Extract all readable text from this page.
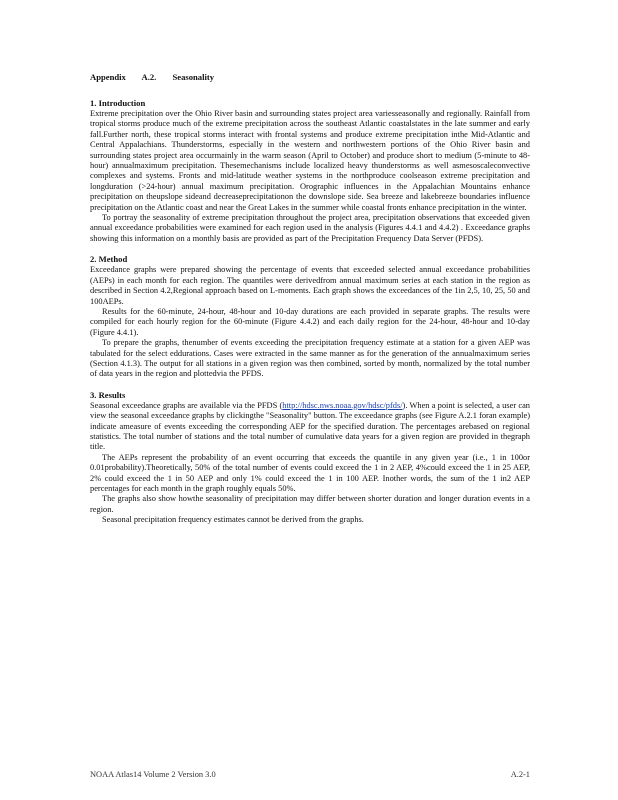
Appendix A.2. Seasonality
1. Introduction

Extreme precipitation over the Ohio River basin and surrounding states project area variesseasonally and regionally. Rainfall from tropical storms produce much of the extreme precipitation across the southeast Atlantic coastalstates in the late summer and early fall.Further north, these tropical storms interact with frontal systems and produce extreme precipitation inthe Mid-Atlantic and Central Appalachians. Thunderstorms, especially in the western and northwestern portions of the Ohio River basin and surrounding states project area occurmainly in the warm season (April to October) and produce short to medium (5-minute to 48-hour) annualmaximum precipitation. Thesemechanisms include localized heavy thunderstorms as well asmesoscaleconvective complexes and systems. Fronts and mid-latitude weather systems in the northproduce coolseason extreme precipitation and longduration (>24-hour) annual maximum precipitation. Orographic influences in the Appalachian Mountains enhance precipitation on theupslope sideand decreaseprecipitationon the downslope side. Sea breeze and lakebreeze boundaries influence precipitation on the Atlantic coast and near the Great Lakes in the summer while coastal fronts enhance precipitation in the winter.

To portray the seasonality of extreme precipitation throughout the project area, precipitation observations that exceeded given annual exceedance probabilities were examined for each region used in the analysis (Figures 4.4.1 and 4.4.2) . Exceedance graphs showing this information on a monthly basis are provided as part of the Precipitation Frequency Data Server (PFDS).

2. Method

Exceedance graphs were prepared showing the percentage of events that exceeded selected annual exceedance probabilities (AEPs) in each month for each region. The quantiles were derivedfrom annual maximum series at each station in the region as described in Section 4.2,Regional approach based on L-moments. Each graph shows the exceedances of the 1in 2,5, 10, 25, 50 and 100AEPs.

Results for the 60-minute, 24-hour, 48-hour and 10-day durations are each provided in separate graphs. The results were compiled for each hourly region for the 60-minute (Figure 4.4.2) and each daily region for the 24-hour, 48-hour and 10-day (Figure 4.4.1).

To prepare the graphs, thenumber of events exceeding the precipitation frequency estimate at a station for a given AEP was tabulated for the select eddurations. Cases were extracted in the same manner as for the generation of the annualmaximum series (Section 4.1.3). The output for all stations in a given region was then combined, sorted by month, normalized by the total number of data years in the region and plottedvia the PFDS.

3. Results

Seasonal exceedance graphs are available via the PFDS (http://hdsc.nws.noaa.gov/hdsc/pfds/). When a point is selected, a user can view the seasonal exceedance graphs by clickingthe "Seasonality" button. The exceedance graphs (see Figure A.2.1 foran example) indicate ameasure of events exceeding the corresponding AEP for the specified duration. The percentages arebased on regional statistics. The total number of stations and the total number of cumulative data years for a given region are provided in thegraph title.

The AEPs represent the probability of an event occurring that exceeds the quantile in any given year (i.e., 1 in 100or 0.01probability).Theoretically, 50% of the total number of events could exceed the 1 in 2 AEP, 4%could exceed the 1 in 25 AEP, 2% could exceed the 1 in 50 AEP and only 1% could exceed the 1 in 100 AEP. Inother words, the sum of the 1 in2 AEP percentages for each month in the graph roughly equals 50%.

The graphs also show howthe seasonality of precipitation may differ between shorter duration and longer duration events in a region.

Seasonal precipitation frequency estimates cannot be derived from the graphs.

NOAA Atlas14 Volume 2 Version 3.0	A.2-1
